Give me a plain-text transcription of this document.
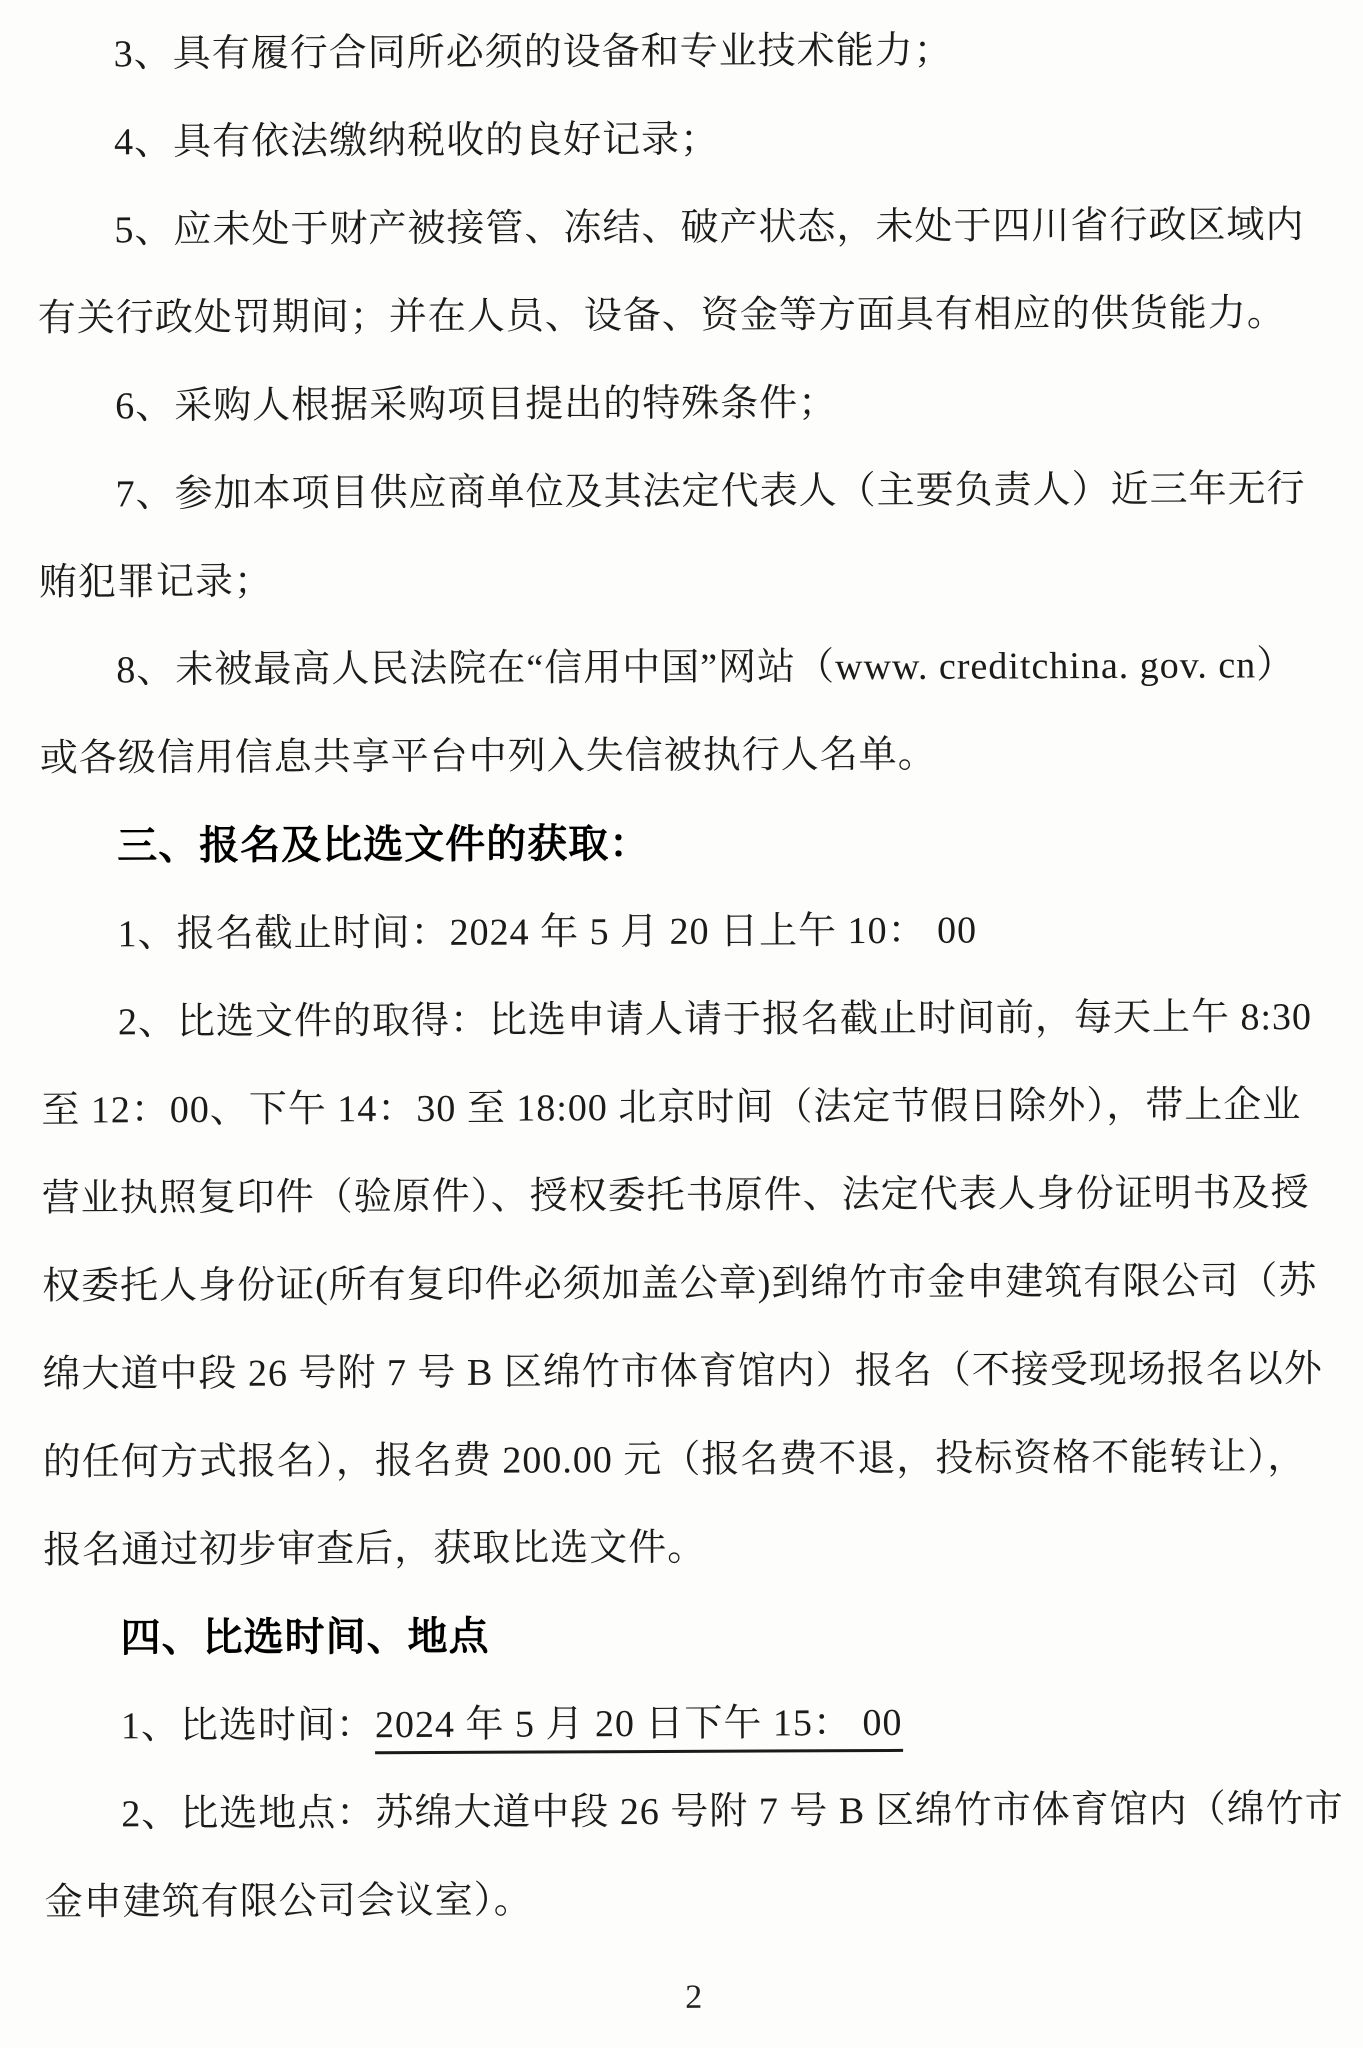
3、具有履行合同所必须的设备和专业技术能力；
4、具有依法缴纳税收的良好记录；
5、应未处于财产被接管、冻结、破产状态，未处于四川省行政区域内
有关行政处罚期间；并在人员、设备、资金等方面具有相应的供货能力。
6、采购人根据采购项目提出的特殊条件；
7、参加本项目供应商单位及其法定代表人（主要负责人）近三年无行
贿犯罪记录；
8、未被最高人民法院在“信用中国”网站（www. creditchina. gov. cn）
或各级信用信息共享平台中列入失信被执行人名单。
三、报名及比选文件的获取：
1、报名截止时间：2024 年 5 月 20 日上午 10： 00
2、比选文件的取得：比选申请人请于报名截止时间前，每天上午 8:30
至 12：00、下午 14：30 至 18:00 北京时间（法定节假日除外），带上企业
营业执照复印件（验原件）、授权委托书原件、法定代表人身份证明书及授
权委托人身份证(所有复印件必须加盖公章)到绵竹市金申建筑有限公司（苏
绵大道中段 26 号附 7 号 B 区绵竹市体育馆内）报名（不接受现场报名以外
的任何方式报名），报名费 200.00 元（报名费不退，投标资格不能转让），
报名通过初步审查后，获取比选文件。
四、比选时间、地点
1、比选时间：2024 年 5 月 20 日下午 15： 00
2、比选地点：苏绵大道中段 26 号附 7 号 B 区绵竹市体育馆内（绵竹市
金申建筑有限公司会议室）。
2
